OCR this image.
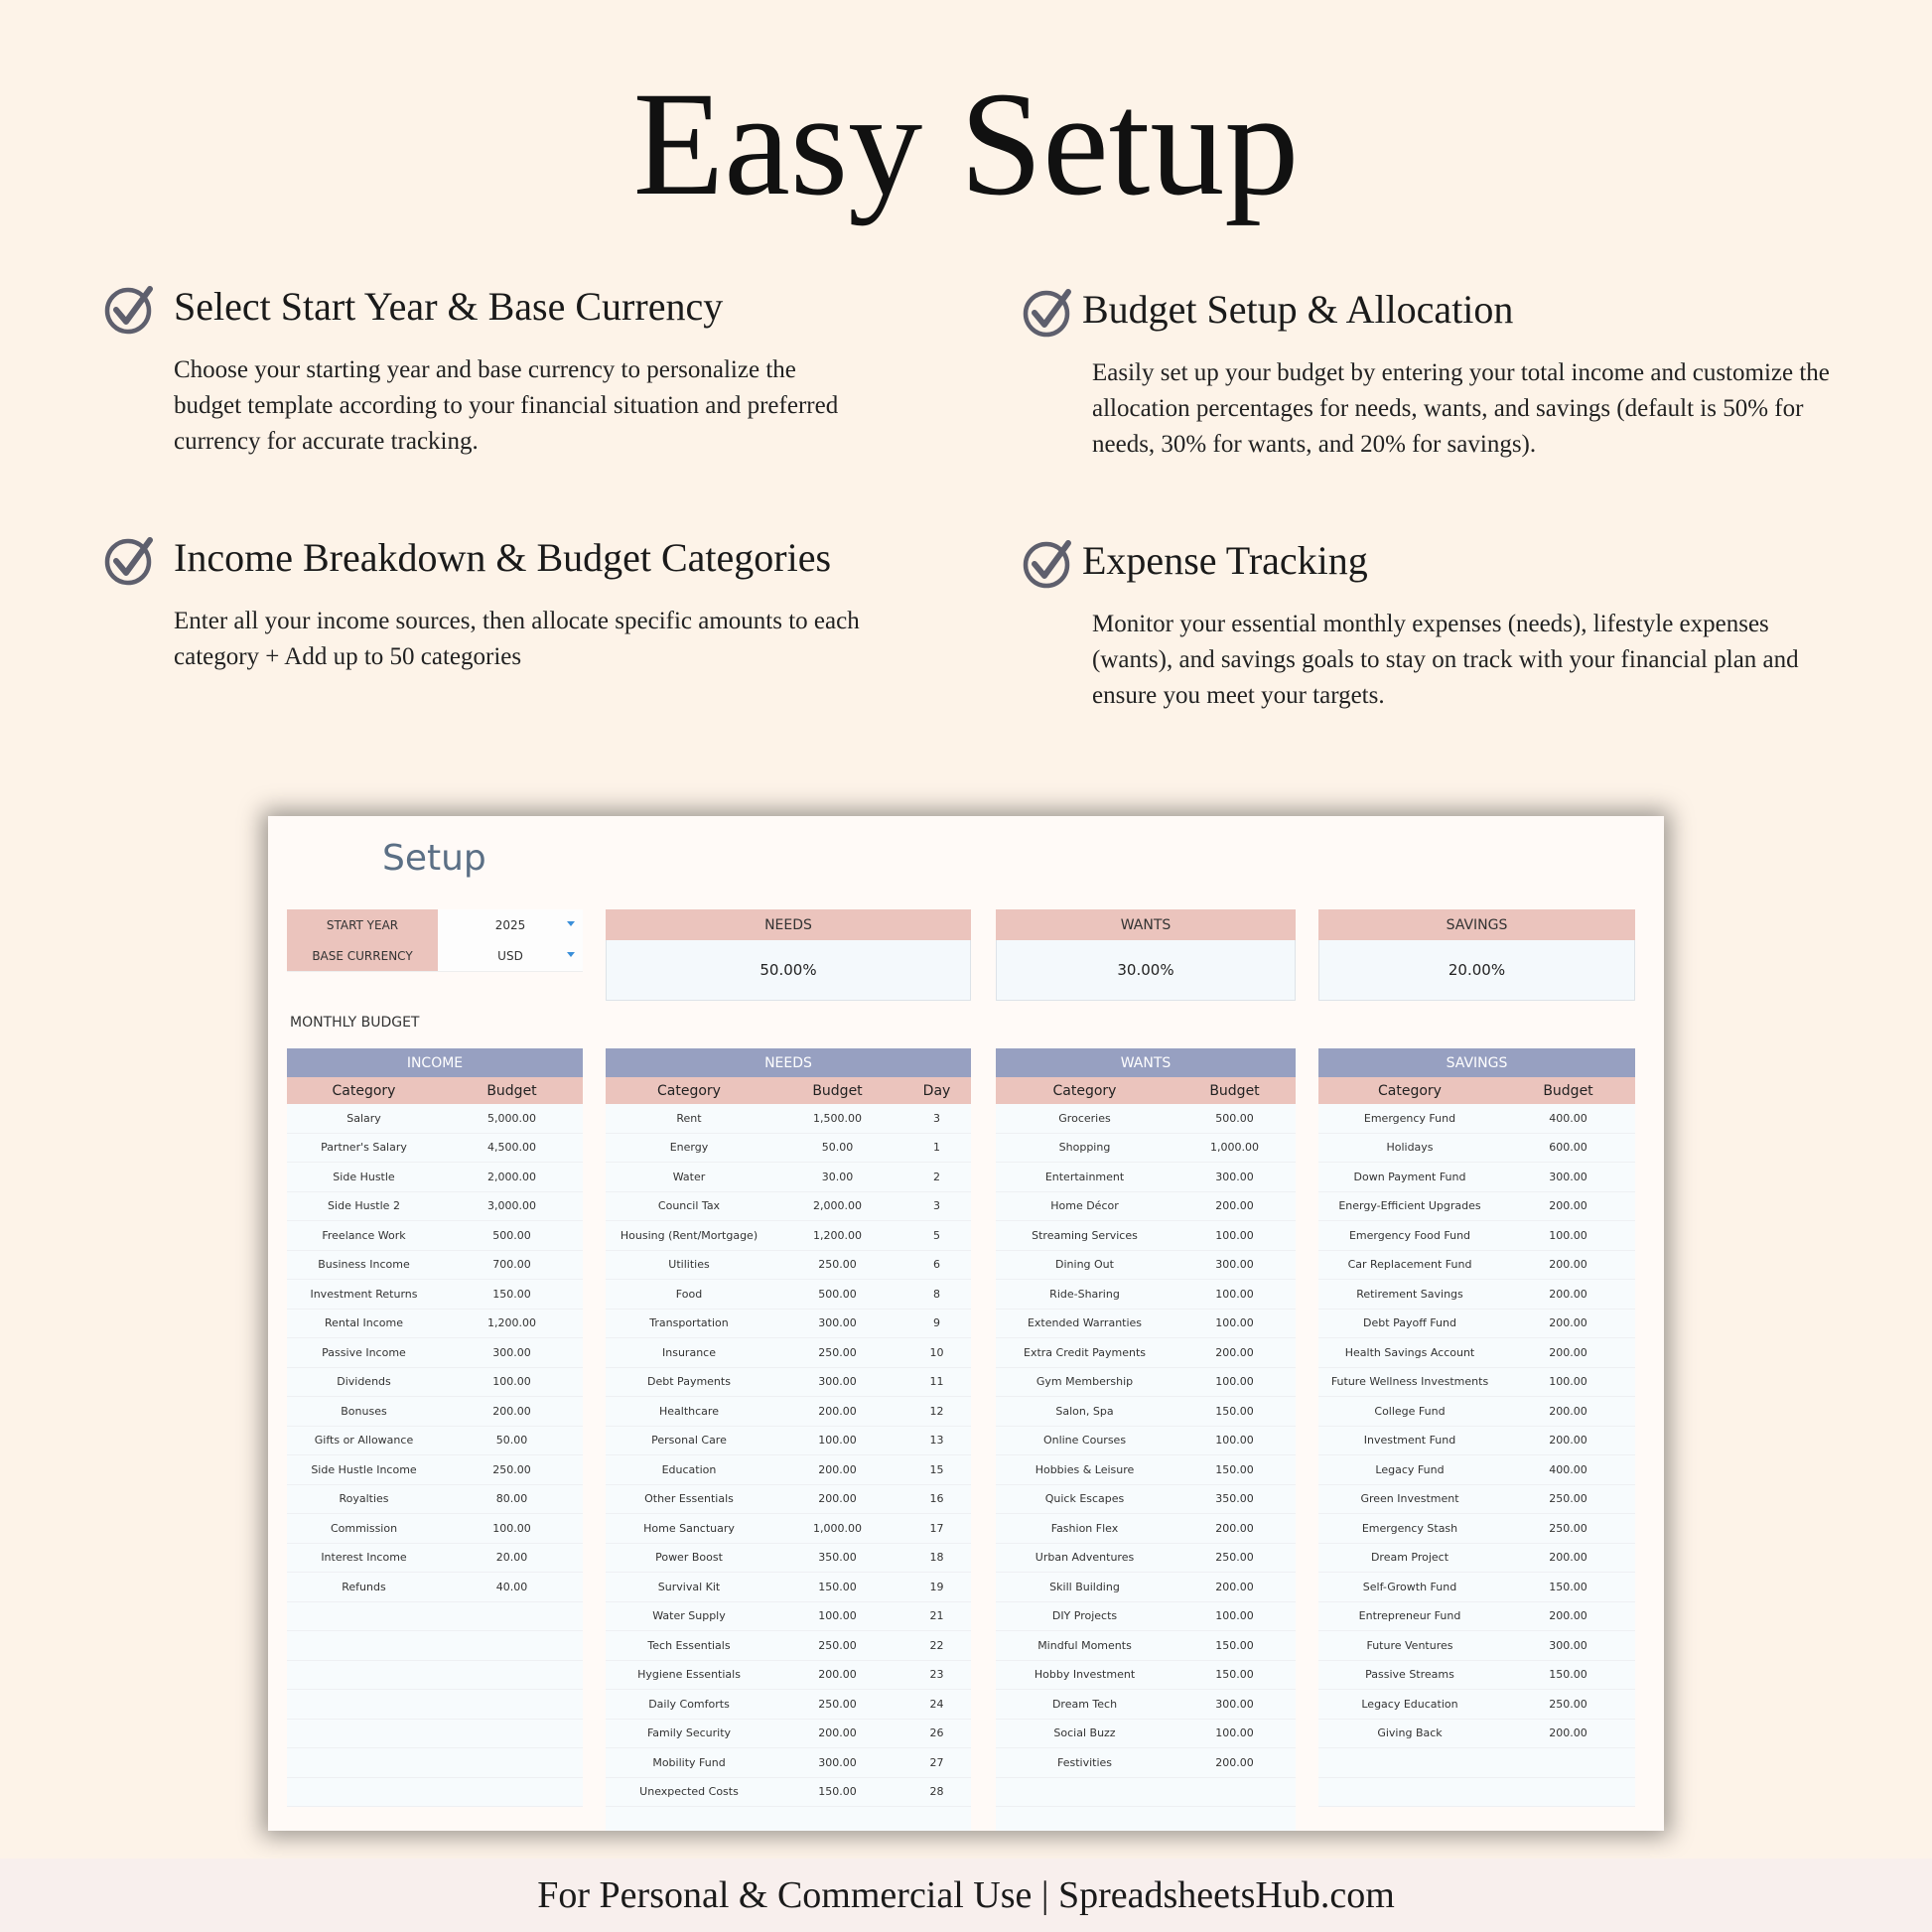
Easy Setup
Select Start Year & Base Currency

Choose your starting year and base currency to personalize the budget template according to your financial situation and preferred currency for accurate tracking.

Budget Setup & Allocation

Easily set up your budget by entering your total income and customize the allocation percentages for needs, wants, and savings (default is 50% for needs, 30% for wants, and 20% for savings).

Income Breakdown & Budget Categories

Enter all your income sources, then allocate specific amounts to each category + Add up to 50 categories

Expense Tracking

Monitor your essential monthly expenses (needs), lifestyle expenses (wants), and savings goals to stay on track with your financial plan and ensure you meet your targets.

Setup
START YEAR	2025
BASE CURRENCY	USD
NEEDS
50.00%
WANTS
30.00%
SAVINGS
20.00%
MONTHLY BUDGET
INCOME
Category	Budget
Salary	5,000.00
Partner's Salary	4,500.00
Side Hustle	2,000.00
Side Hustle 2	3,000.00
Freelance Work	500.00
Business Income	700.00
Investment Returns	150.00
Rental Income	1,200.00
Passive Income	300.00
Dividends	100.00
Bonuses	200.00
Gifts or Allowance	50.00
Side Hustle Income	250.00
Royalties	80.00
Commission	100.00
Interest Income	20.00
Refunds	40.00
NEEDS
Category	Budget	Day
Rent	1,500.00	3
Energy	50.00	1
Water	30.00	2
Council Tax	2,000.00	3
Housing (Rent/Mortgage)	1,200.00	5
Utilities	250.00	6
Food	500.00	8
Transportation	300.00	9
Insurance	250.00	10
Debt Payments	300.00	11
Healthcare	200.00	12
Personal Care	100.00	13
Education	200.00	15
Other Essentials	200.00	16
Home Sanctuary	1,000.00	17
Power Boost	350.00	18
Survival Kit	150.00	19
Water Supply	100.00	21
Tech Essentials	250.00	22
Hygiene Essentials	200.00	23
Daily Comforts	250.00	24
Family Security	200.00	26
Mobility Fund	300.00	27
Unexpected Costs	150.00	28
WANTS
Category	Budget
Groceries	500.00
Shopping	1,000.00
Entertainment	300.00
Home Décor	200.00
Streaming Services	100.00
Dining Out	300.00
Ride-Sharing	100.00
Extended Warranties	100.00
Extra Credit Payments	200.00
Gym Membership	100.00
Salon, Spa	150.00
Online Courses	100.00
Hobbies & Leisure	150.00
Quick Escapes	350.00
Fashion Flex	200.00
Urban Adventures	250.00
Skill Building	200.00
DIY Projects	100.00
Mindful Moments	150.00
Hobby Investment	150.00
Dream Tech	300.00
Social Buzz	100.00
Festivities	200.00
SAVINGS
Category	Budget
Emergency Fund	400.00
Holidays	600.00
Down Payment Fund	300.00
Energy-Efficient Upgrades	200.00
Emergency Food Fund	100.00
Car Replacement Fund	200.00
Retirement Savings	200.00
Debt Payoff Fund	200.00
Health Savings Account	200.00
Future Wellness Investments	100.00
College Fund	200.00
Investment Fund	200.00
Legacy Fund	400.00
Green Investment	250.00
Emergency Stash	250.00
Dream Project	200.00
Self-Growth Fund	150.00
Entrepreneur Fund	200.00
Future Ventures	300.00
Passive Streams	150.00
Legacy Education	250.00
Giving Back	200.00
For Personal & Commercial Use | SpreadsheetsHub.com
